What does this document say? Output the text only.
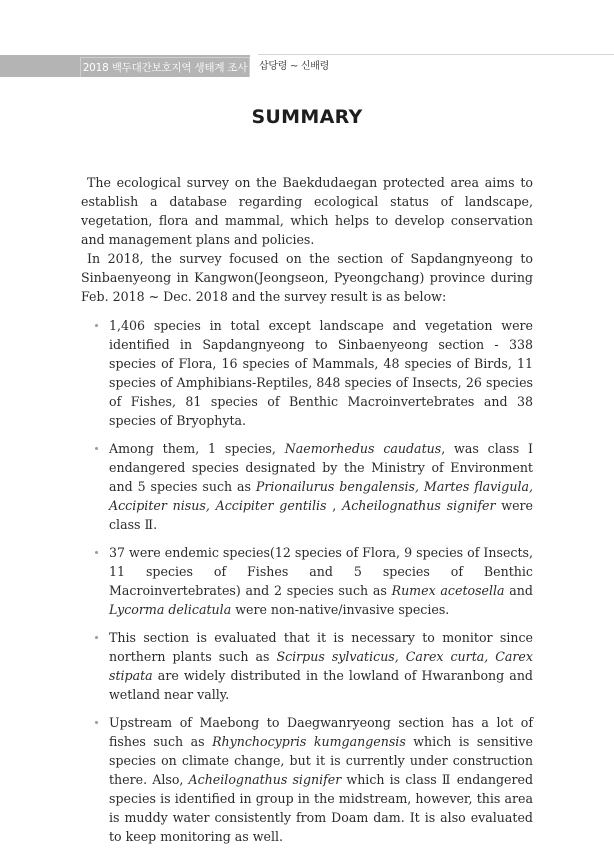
2018 백두대간보호지역 생태계 조사 삽당령 ~ 신배령
SUMMARY

The ecological survey on the Baekdudaegan protected area aims to establish a database regarding ecological status of landscape, vegetation, flora and mammal, which helps to develop conservation and management plans and policies.

In 2018, the survey focused on the section of Sapdangnyeong to Sinbaenyeong in Kangwon(Jeongseon, Pyeongchang) province during Feb. 2018 ~ Dec. 2018 and the survey result is as below:

1,406 species in total except landscape and vegetation were identified in Sapdangnyeong to Sinbaenyeong section - 338 species of Flora, 16 species of Mammals, 48 species of Birds, 11 species of Amphibians-Reptiles, 848 species of Insects, 26 species of Fishes, 81 species of Benthic Macroinvertebrates and 38 species of Bryophyta.
Among them, 1 species, Naemorhedus caudatus, was class Ⅰ endangered species designated by the Ministry of Environment and 5 species such as Prionailurus bengalensis, Martes flavigula, Accipiter nisus, Accipiter gentilis , Acheilognathus signifer were class Ⅱ.
37 were endemic species(12 species of Flora, 9 species of Insects, 11 species of Fishes and 5 species of Benthic Macroinvertebrates) and 2 species such as Rumex acetosella and Lycorma delicatula were non-native/invasive species.
This section is evaluated that it is necessary to monitor since northern plants such as Scirpus sylvaticus, Carex curta, Carex stipata are widely distributed in the lowland of Hwaranbong and wetland near vally.
Upstream of Maebong to Daegwanryeong section has a lot of fishes such as Rhynchocypris kumgangensis which is sensitive species on climate change, but it is currently under construction there. Also, Acheilognathus signifer which is class Ⅱ endangered species is identified in group in the midstream, however, this area is muddy water consistently from Doam dam. It is also evaluated to keep monitoring as well.
